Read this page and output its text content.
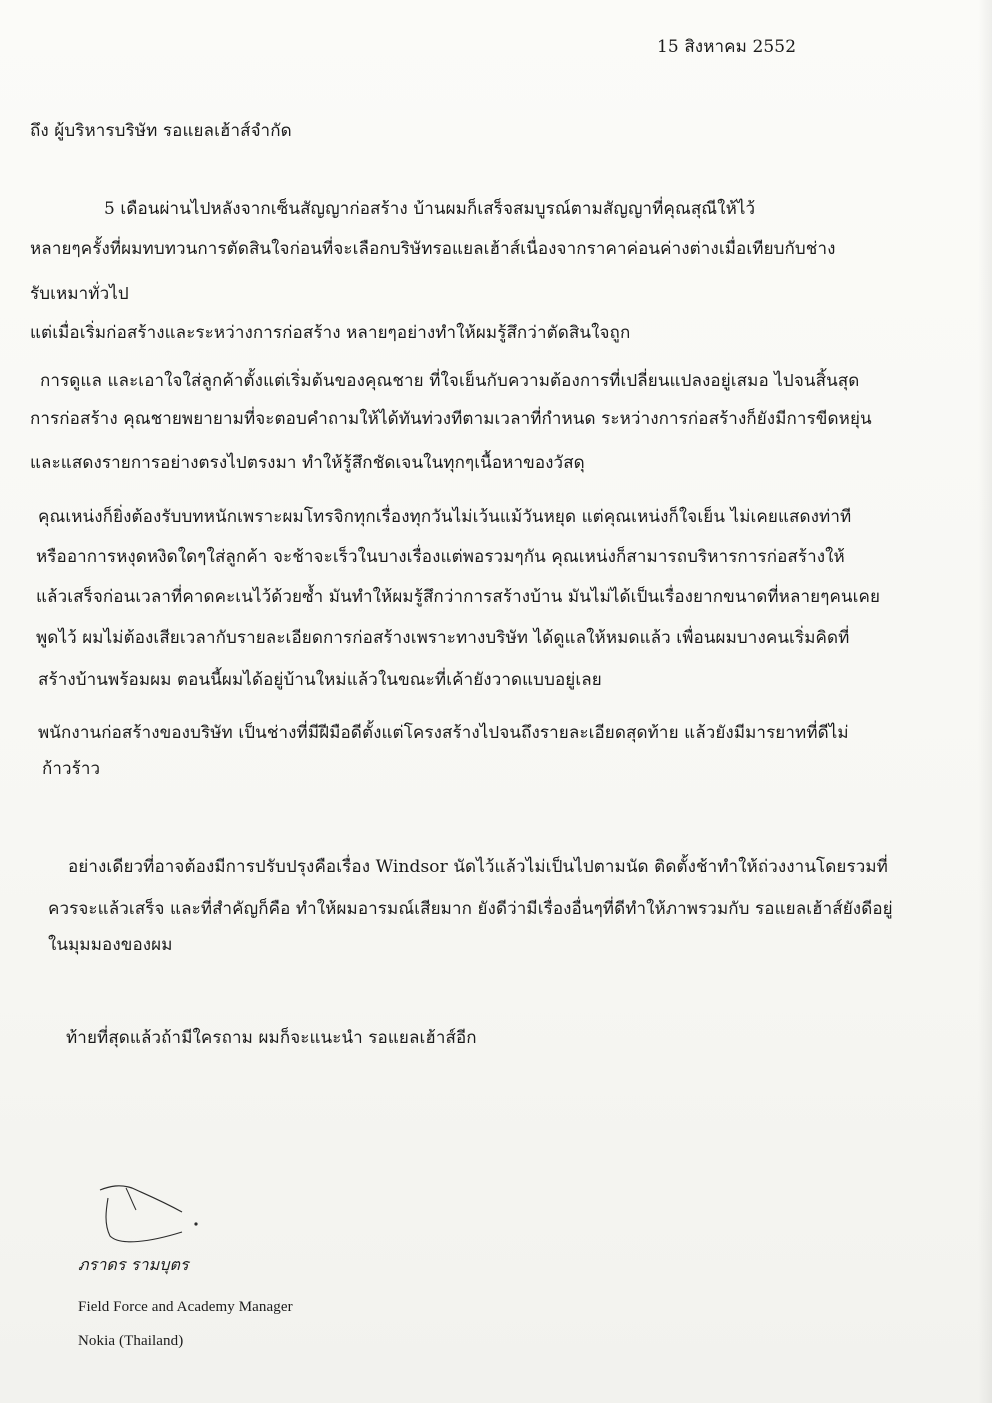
15 สิงหาคม 2552
ถึง ผู้บริหารบริษัท รอแยลเฮ้าส์จำกัด
5 เดือนผ่านไปหลังจากเซ็นสัญญาก่อสร้าง บ้านผมก็เสร็จสมบูรณ์ตามสัญญาที่คุณสุณีให้ไว้
หลายๆครั้งที่ผมทบทวนการตัดสินใจก่อนที่จะเลือกบริษัทรอแยลเฮ้าส์เนื่องจากราคาค่อนค่างต่างเมื่อเทียบกับช่าง
รับเหมาทั่วไป
แต่เมื่อเริ่มก่อสร้างและระหว่างการก่อสร้าง หลายๆอย่างทำให้ผมรู้สึกว่าตัดสินใจถูก
การดูแล และเอาใจใส่ลูกค้าตั้งแต่เริ่มต้นของคุณชาย ที่ใจเย็นกับความต้องการที่เปลี่ยนแปลงอยู่เสมอ ไปจนสิ้นสุด
การก่อสร้าง คุณชายพยายามที่จะตอบคำถามให้ได้ทันท่วงทีตามเวลาที่กำหนด ระหว่างการก่อสร้างก็ยังมีการขีดหยุ่น
และแสดงรายการอย่างตรงไปตรงมา ทำให้รู้สึกชัดเจนในทุกๆเนื้อหาของวัสดุ
คุณเหน่งก็ยิ่งต้องรับบทหนักเพราะผมโทรจิกทุกเรื่องทุกวันไม่เว้นแม้วันหยุด แต่คุณเหน่งก็ใจเย็น ไม่เคยแสดงท่าที
หรืออาการหงุดหงิดใดๆใส่ลูกค้า จะช้าจะเร็วในบางเรื่องแต่พอรวมๆกัน คุณเหน่งก็สามารถบริหารการก่อสร้างให้
แล้วเสร็จก่อนเวลาที่คาดคะเนไว้ด้วยซ้ำ มันทำให้ผมรู้สึกว่าการสร้างบ้าน มันไม่ได้เป็นเรื่องยากขนาดที่หลายๆคนเคย
พูดไว้ ผมไม่ต้องเสียเวลากับรายละเอียดการก่อสร้างเพราะทางบริษัท ได้ดูแลให้หมดแล้ว เพื่อนผมบางคนเริ่มคิดที่
สร้างบ้านพร้อมผม ตอนนี้ผมได้อยู่บ้านใหม่แล้วในขณะที่เค้ายังวาดแบบอยู่เลย
พนักงานก่อสร้างของบริษัท เป็นช่างที่มีฝีมือดีตั้งแต่โครงสร้างไปจนถึงรายละเอียดสุดท้าย แล้วยังมีมารยาทที่ดีไม่
ก้าวร้าว
อย่างเดียวที่อาจต้องมีการปรับปรุงคือเรื่อง Windsor นัดไว้แล้วไม่เป็นไปตามนัด ติดตั้งช้าทำให้ถ่วงงานโดยรวมที่
ควรจะแล้วเสร็จ และที่สำคัญก็คือ ทำให้ผมอารมณ์เสียมาก ยังดีว่ามีเรื่องอื่นๆที่ดีทำให้ภาพรวมกับ รอแยลเฮ้าส์ยังดีอยู่
ในมุมมองของผม
ท้ายที่สุดแล้วถ้ามีใครถาม ผมก็จะแนะนำ รอแยลเฮ้าส์อีก
ภราดร รามบุตร
Field Force and Academy Manager
Nokia (Thailand)
